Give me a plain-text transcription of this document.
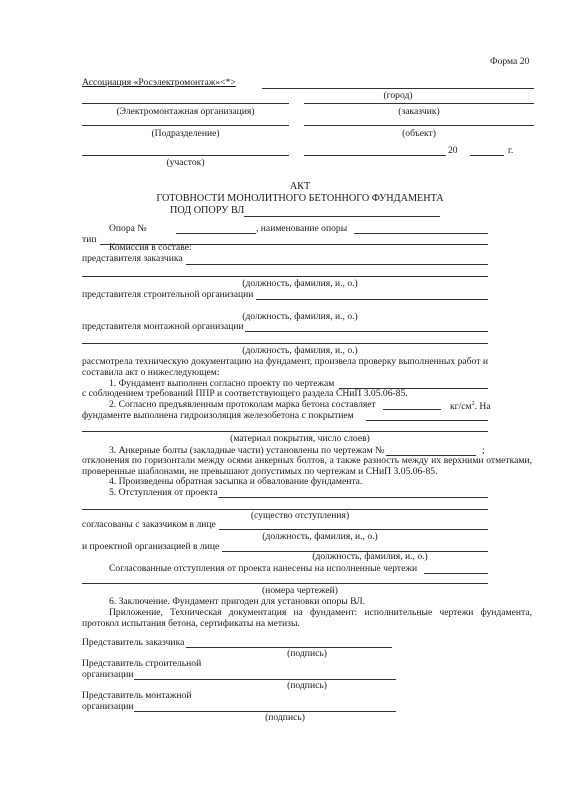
Форма 20
Ассоциация «Росэлектромонтаж»<*>
(город)
(Электромонтажная организация)	(заказчик)
(Подразделение)	(объект)
20	г.
(участок)
АКТ
ГОТОВНОСТИ МОНОЛИТНОГО БЕТОННОГО ФУНДАМЕНТА
ПОД ОПОРУ ВЛ
Опора №	, наименование опоры
тип
Комиссия в составе:
представителя заказчика
(должность, фамилия, и., о.)
представителя строительной организации
(должность, фамилия, и., о.)
представителя монтажной организации
(должность, фамилия, и., о.)
рассмотрела техническую документацию на фундамент, произвела проверку выполненных работ и составила акт о нижеследующем:
1. Фундамент выполнен согласно проекту по чертежам
с соблюдением требований ППР и соответствующего раздела СНиП 3.05.06-85.
2. Согласно предъявленным протоколам марка бетона составляет	$кг/см^2$. На
фундаменте выполнена гидроизоляция железобетона с покрытием
(материал покрытия, число слоев)
3. Анкерные болты (закладные части) установлены по чертежам №	;
отклонения по горизонтали между осями анкерных болтов, а также разность между их верхними отметками, проверенные шаблонами, не превышают допустимых по чертежам и СНиП 3.05.06-85.
4. Произведены обратная засыпка и обвалование фундамента.
5. Отступления от проекта
(существо отступления)
согласованы с заказчиком в лице
(должность, фамилия, и., о.)
и проектной организацией в лице
(должность, фамилия, и., о.)
Согласованные отступления от проекта нанесены на исполненные чертежи
(номера чертежей)
6. Заключение. Фундамент пригоден для установки опоры ВЛ.
Приложение, Техническая документация на фундамент: исполнительные чертежи фундамента, протокол испытания бетона, сертификаты на метизы.
Представитель заказчика
(подпись)
Представитель строительной
организации
(подпись)
Представитель монтажной
организации
(подпись)
